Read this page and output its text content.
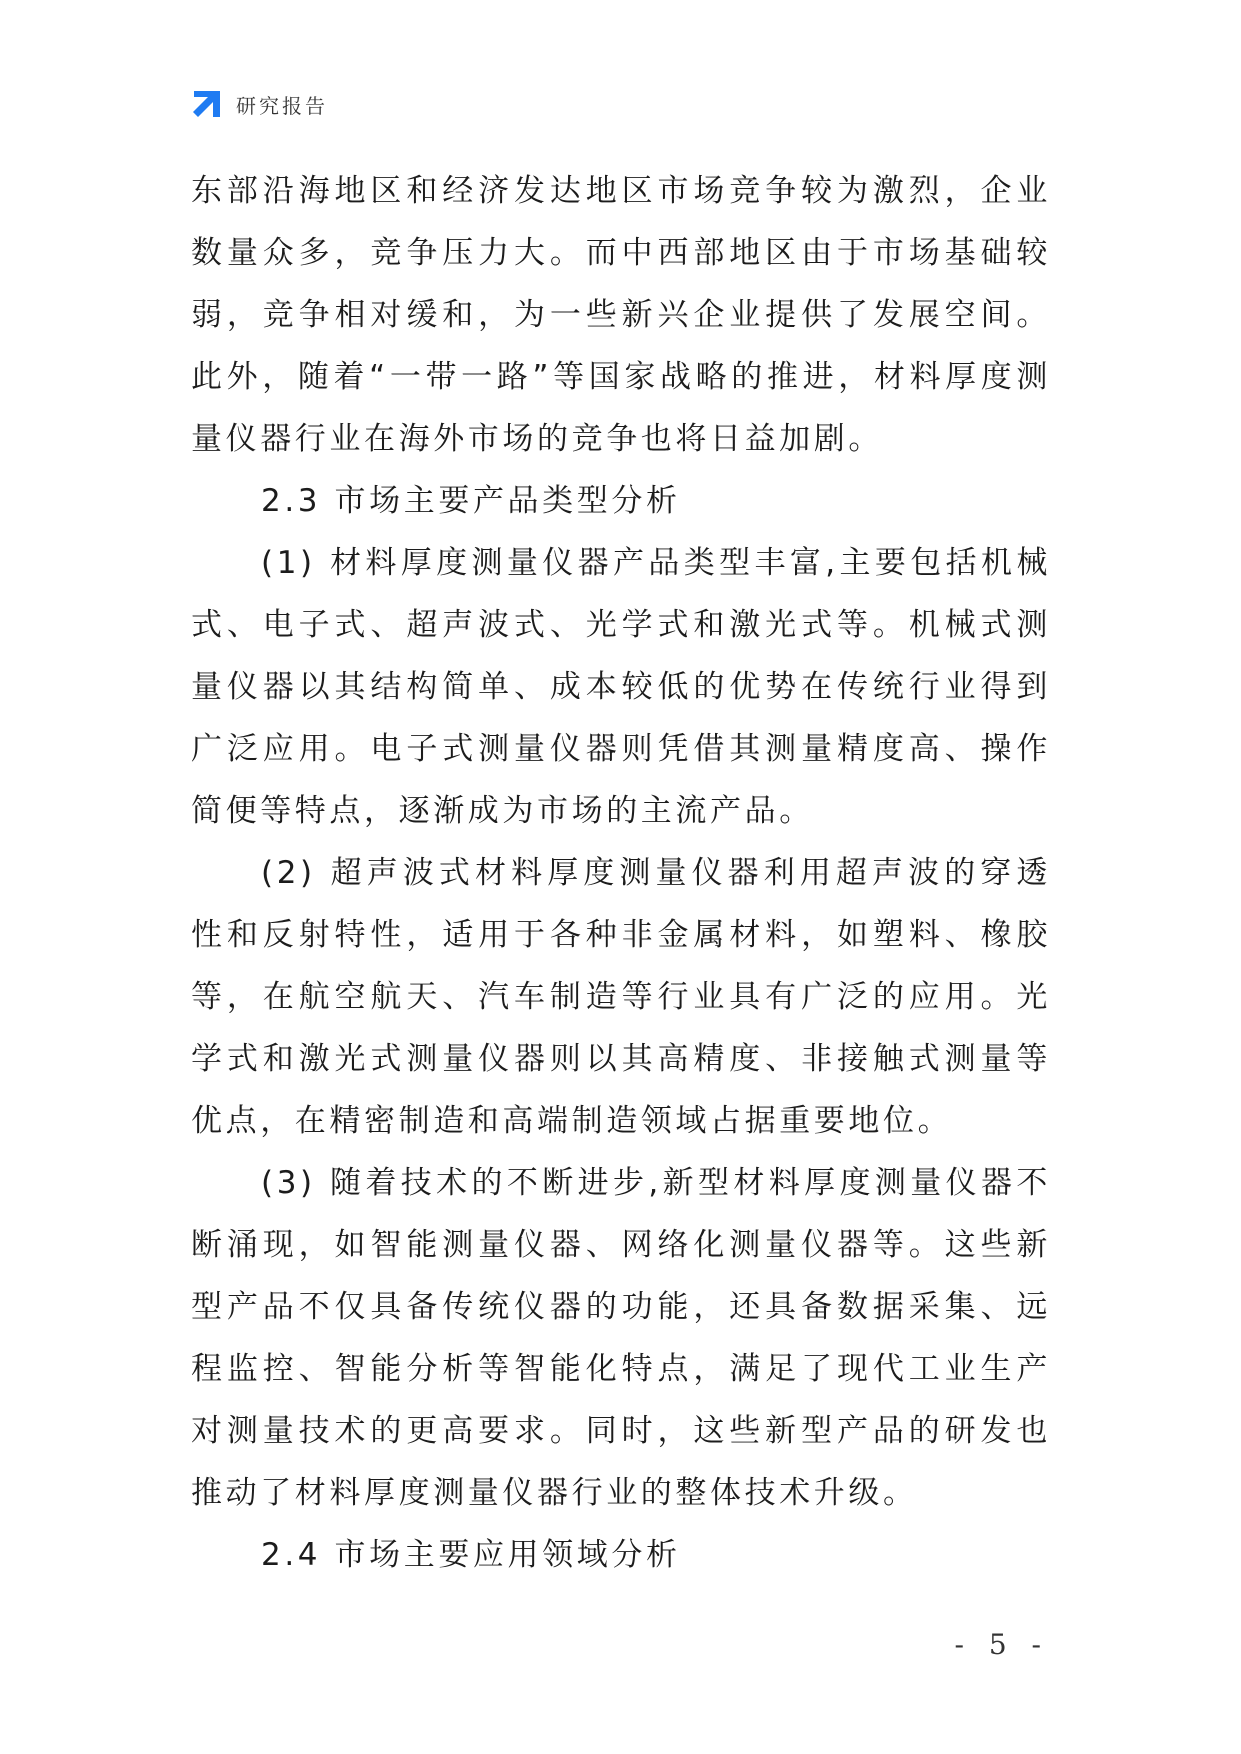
研究报告

东部沿海地区和经济发达地区市场竞争较为激烈，企业数量众多，竞争压力大。而中西部地区由于市场基础较弱，竞争相对缓和，为一些新兴企业提供了发展空间。此外，随着“一带一路”等国家战略的推进，材料厚度测量仪器行业在海外市场的竞争也将日益加剧。

2.3 市场主要产品类型分析

(1) 材料厚度测量仪器产品类型丰富,主要包括机械式、电子式、超声波式、光学式和激光式等。机械式测量仪器以其结构简单、成本较低的优势在传统行业得到广泛应用。电子式测量仪器则凭借其测量精度高、操作简便等特点，逐渐成为市场的主流产品。

(2) 超声波式材料厚度测量仪器利用超声波的穿透性和反射特性，适用于各种非金属材料，如塑料、橡胶等，在航空航天、汽车制造等行业具有广泛的应用。光学式和激光式测量仪器则以其高精度、非接触式测量等优点，在精密制造和高端制造领域占据重要地位。

(3) 随着技术的不断进步,新型材料厚度测量仪器不断涌现，如智能测量仪器、网络化测量仪器等。这些新型产品不仅具备传统仪器的功能，还具备数据采集、远程监控、智能分析等智能化特点，满足了现代工业生产对测量技术的更高要求。同时，这些新型产品的研发也推动了材料厚度测量仪器行业的整体技术升级。

2.4 市场主要应用领域分析

- 5 -
